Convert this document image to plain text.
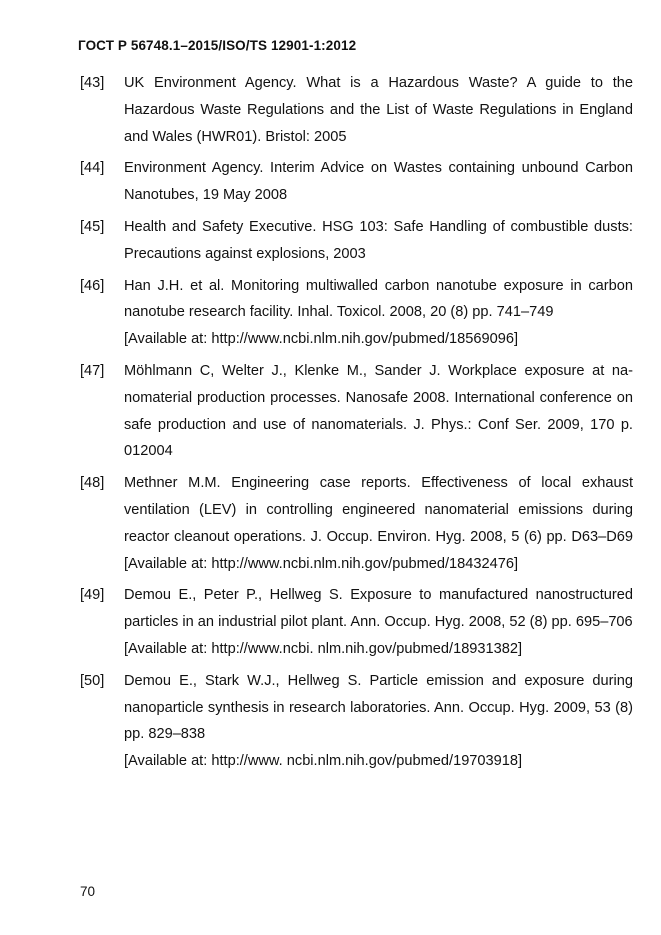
ГОСТ Р 56748.1–2015/ISO/TS 12901-1:2012
[43]	UK Environment Agency. What is a Hazardous Waste? A guide to the Hazardous Waste Regulations and the List of Waste Regulations in England and Wales (HWR01). Bristol: 2005
[44]	Environment Agency. Interim Advice on Wastes containing unbound Carbon Nanotubes, 19 May 2008
[45]	Health and Safety Executive. HSG 103: Safe Handling of combustible dusts: Precautions against explosions, 2003
[46]	Han J.H. et al. Monitoring multiwalled carbon nanotube exposure in carbon nanotube research facility. Inhal. Toxicol. 2008, 20 (8) pp. 741–749
[Available at: http://www.ncbi.nlm.nih.gov/pubmed/18569096]
[47]	Möhlmann C, Welter J., Klenke M., Sander J. Workplace exposure at nanomaterial production processes. Nanosafe 2008. International conference on safe production and use of nanomaterials. J. Phys.: Conf Ser. 2009, 170 p. 012004
[48]	Methner M.M. Engineering case reports. Effectiveness of local exhaust ventilation (LEV) in controlling engineered nanomaterial emissions during reactor cleanout operations. J. Occup. Environ. Hyg. 2008, 5 (6) pp. D63–D69 [Available at: http://www.ncbi.nlm.nih.gov/pubmed/18432476]
[49]	Demou E., Peter P., Hellweg S. Exposure to manufactured nanostructured particles in an industrial pilot plant. Ann. Occup. Hyg. 2008, 52 (8) pp. 695–706
[Available at: http://www.ncbi. nlm.nih.gov/pubmed/18931382]
[50]	Demou E., Stark W.J., Hellweg S. Particle emission and exposure during nanoparticle synthesis in research laboratories. Ann. Occup. Hyg. 2009, 53 (8) pp. 829–838
[Available at: http://www. ncbi.nlm.nih.gov/pubmed/19703918]
70
